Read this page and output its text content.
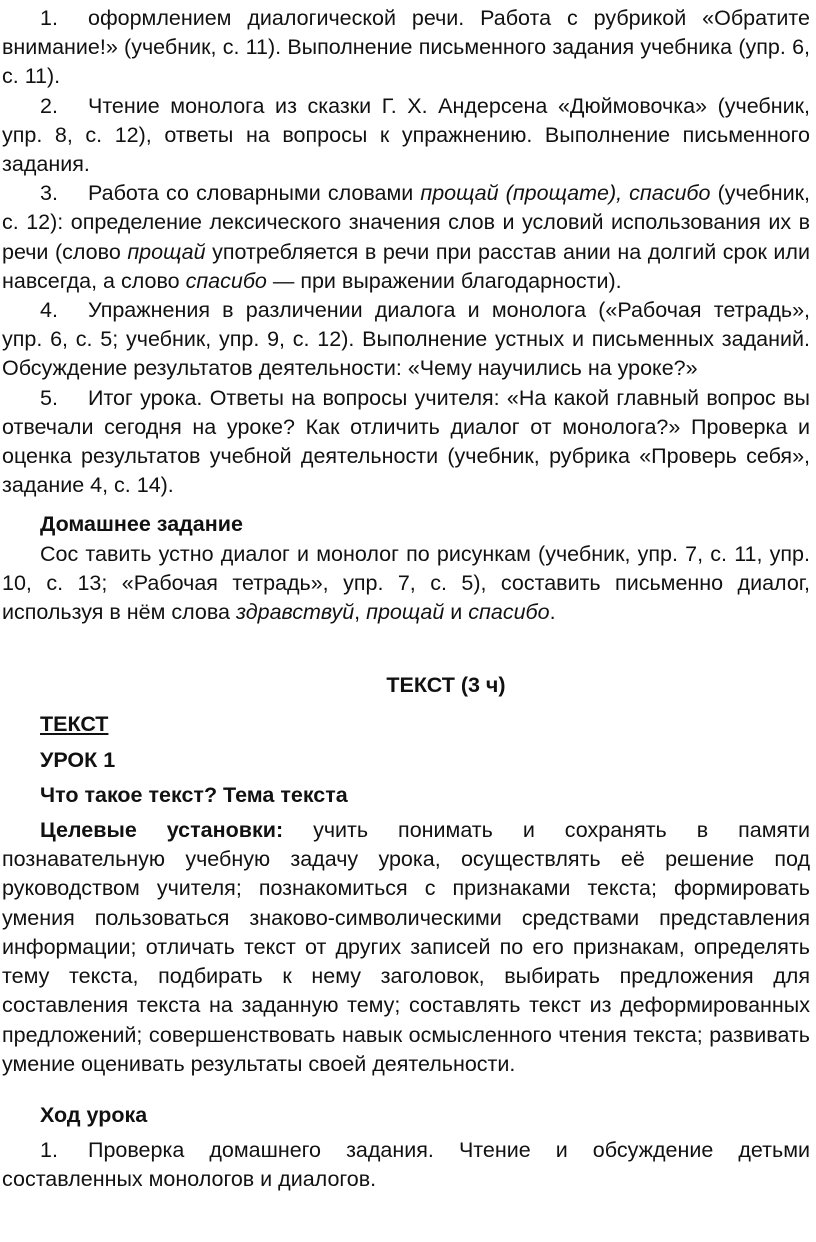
1. оформлением диалогической речи. Работа с рубрикой «Обратите внимание!» (учебник, с. 11). Выполнение письменного задания учебника (упр. 6, с. 11).

2. Чтение монолога из сказки Г. Х. Андерсена «Дюймовочка» (учебник, упр. 8, с. 12), ответы на вопросы к упражнению. Выполнение письменного задания.

3. Работа со словарными словами прощай (прощате), спасибо (учебник, с. 12): определение лексического значения слов и условий использования их в речи (слово прощай употребляется в речи при расстав ании на долгий срок или навсегда, а слово спасибо — при выражении благодарности).

4. Упражнения в различении диалога и монолога («Рабочая тетрадь», упр. 6, с. 5; учебник, упр. 9, с. 12). Выполнение устных и письменных заданий. Обсуждение результатов деятельности: «Чему научились на уроке?»

5. Итог урока. Ответы на вопросы учителя: «На какой главный вопрос вы отвечали сегодня на уроке? Как отличить диалог от монолога?» Проверка и оценка результатов учебной деятельности (учебник, рубрика «Проверь себя», задание 4, с. 14).

Домашнее задание

Сос тавить устно диалог и монолог по рисункам (учебник, упр. 7, с. 11, упр. 10, с. 13; «Рабочая тетрадь», упр. 7, с. 5), составить письменно диалог, используя в нём слова здравствуй, прощай и спасибо.

ТЕКСТ (3 ч)

ТЕКСТ

УРОК 1

Что такое текст? Тема текста

Целевые установки: учить понимать и сохранять в памяти познавательную учебную задачу урока, осуществлять её решение под руководством учителя; познакомиться с признаками текста; формировать умения пользоваться знаково-символическими средствами представления информации; отличать текст от других записей по его признакам, определять тему текста, подбирать к нему заголовок, выбирать предложения для составления текста на заданную тему; составлять текст из деформированных предложений; совершенствовать навык осмысленного чтения текста; развивать умение оценивать результаты своей деятельности.

Ход урока

1. Проверка домашнего задания. Чтение и обсуждение детьми составленных монологов и диалогов.
